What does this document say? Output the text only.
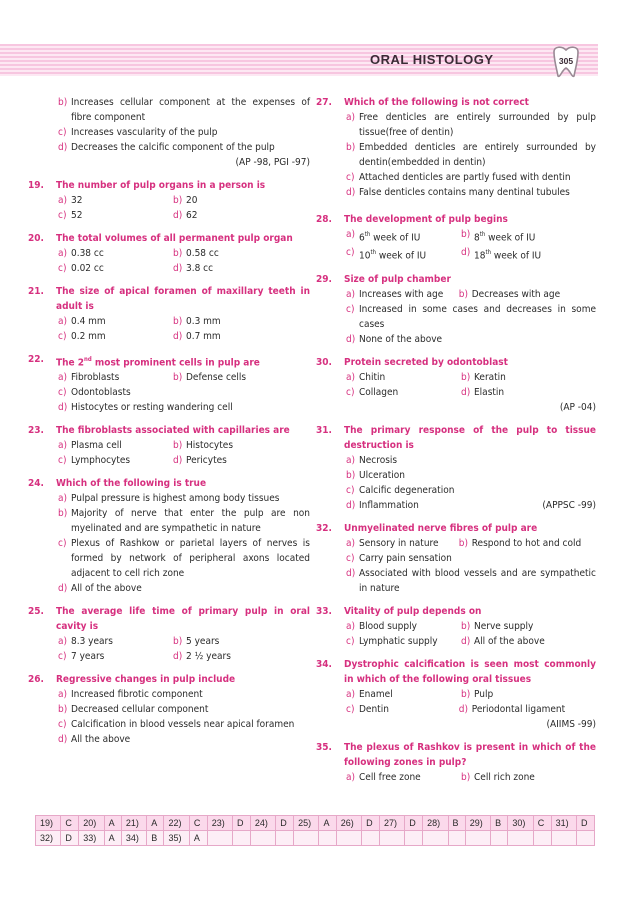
ORAL HISTOLOGY	305
b) Increases cellular component at the expenses of fibre component
c) Increases vascularity of the pulp
d) Decreases the calcific component of the pulp
(AP -98, PGI -97)
19.	The number of pulp organs in a person is
a) 32	b) 20
c) 52	d) 62
20.	The total volumes of all permanent pulp organ
a) 0.38 cc	b) 0.58 cc
c) 0.02 cc	d) 3.8 cc
21.	The size of apical foramen of maxillary teeth in adult is
a) 0.4 mm	b) 0.3 mm
c) 0.2 mm	d) 0.7 mm
22.	The 2nd most prominent cells in pulp are
a) Fibroblasts	b) Defense cells
c) Odontoblasts
d) Histocytes or resting wandering cell
23.	The fibroblasts associated with capillaries are
a) Plasma cell	b) Histocytes
c) Lymphocytes	d) Pericytes
24.	Which of the following is true
a) Pulpal pressure is highest among body tissues
b) Majority of nerve that enter the pulp are non myelinated and are sympathetic in nature
c) Plexus of Rashkow or parietal layers of nerves is formed by network of peripheral axons located adjacent to cell rich zone
d) All of the above
25.	The average life time of primary pulp in oral cavity is
a) 8.3 years	b) 5 years
c) 7 years	d) 2 ½ years
26.	Regressive changes in pulp include
a) Increased fibrotic component
b) Decreased cellular component
c) Calcification in blood vessels near apical foramen
d) All the above
27.	Which of the following is not correct
a) Free denticles are entirely surrounded by pulp tissue(free of dentin)
b) Embedded denticles are entirely surrounded by dentin(embedded in dentin)
c) Attached denticles are partly fused with dentin
d) False denticles contains many dentinal tubules
28.	The development of pulp begins
a) 6th week of IU	b) 8th week of IU
c) 10th week of IU	d) 18th week of IU
29.	Size of pulp chamber
a) Increases with age b) Decreases with age
c) Increased in some cases and decreases in some cases
d) None of the above
30.	Protein secreted by odontoblast
a) Chitin	b) Keratin
c) Collagen	d) Elastin
(AP -04)
31.	The primary response of the pulp to tissue destruction is
a) Necrosis
b) Ulceration
c) Calcific degeneration
d) Inflammation	(APPSC -99)
32.	Unmyelinated nerve fibres of pulp are
a) Sensory in nature b) Respond to hot and cold
c) Carry pain sensation
d) Associated with blood vessels and are sympathetic in nature
33.	Vitality of pulp depends on
a) Blood supply	b) Nerve supply
c) Lymphatic supply d) All of the above
34.	Dystrophic calcification is seen most commonly in which of the following oral tissues
a) Enamel	b) Pulp
c) Dentin	d) Periodontal ligament
(AIIMS -99)
35.	The plexus of Rashkov is present in which of the following zones in pulp?
a) Cell free zone	b) Cell rich zone
19)	C	20)	A	21)	A	22)	C	23)	D	24)	D	25)	A	26)	D	27)	D	28)	B	29)	B	30)	C	31)	D
32)	D	33)	A	34)	B	35)	A																		
